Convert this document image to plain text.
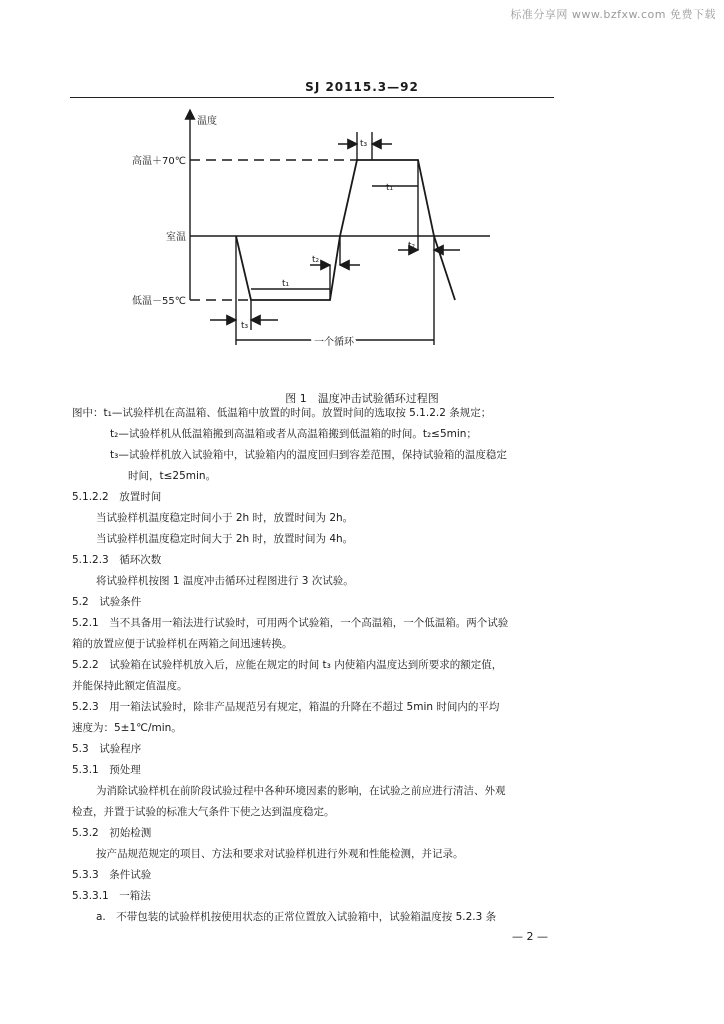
标准分享网 www.bzfxw.com 免费下载
SJ 20115.3—92
温度
高温＋70℃
室温
低温－55℃
t₃
t₁
t₂
t₂
t₁
t₃
一个循环
图 1　温度冲击试验循环过程图
图中：t₁—试验样机在高温箱、低温箱中放置的时间。放置时间的选取按 5.1.2.2 条规定；
t₂—试验样机从低温箱搬到高温箱或者从高温箱搬到低温箱的时间。t₂≤5min；
t₃—试验样机放入试验箱中，试验箱内的温度回归到容差范围，保持试验箱的温度稳定
时间，t≤25min。
5.1.2.2　放置时间
当试验样机温度稳定时间小于 2h 时，放置时间为 2h。
当试验样机温度稳定时间大于 2h 时，放置时间为 4h。
5.1.2.3　循环次数
将试验样机按图 1 温度冲击循环过程图进行 3 次试验。
5.2　试验条件
5.2.1　当不具备用一箱法进行试验时，可用两个试验箱，一个高温箱，一个低温箱。两个试验
箱的放置应便于试验样机在两箱之间迅速转换。
5.2.2　试验箱在试验样机放入后，应能在规定的时间 t₃ 内使箱内温度达到所要求的额定值，
并能保持此额定值温度。
5.2.3　用一箱法试验时，除非产品规范另有规定，箱温的升降在不超过 5min 时间内的平均
速度为：5±1℃/min。
5.3　试验程序
5.3.1　预处理
为消除试验样机在前阶段试验过程中各种环境因素的影响，在试验之前应进行清洁、外观
检查，并置于试验的标准大气条件下使之达到温度稳定。
5.3.2　初始检测
按产品规范规定的项目、方法和要求对试验样机进行外观和性能检测，并记录。
5.3.3　条件试验
5.3.3.1　一箱法
a.　不带包装的试验样机按使用状态的正常位置放入试验箱中，试验箱温度按 5.2.3 条
— 2 —
